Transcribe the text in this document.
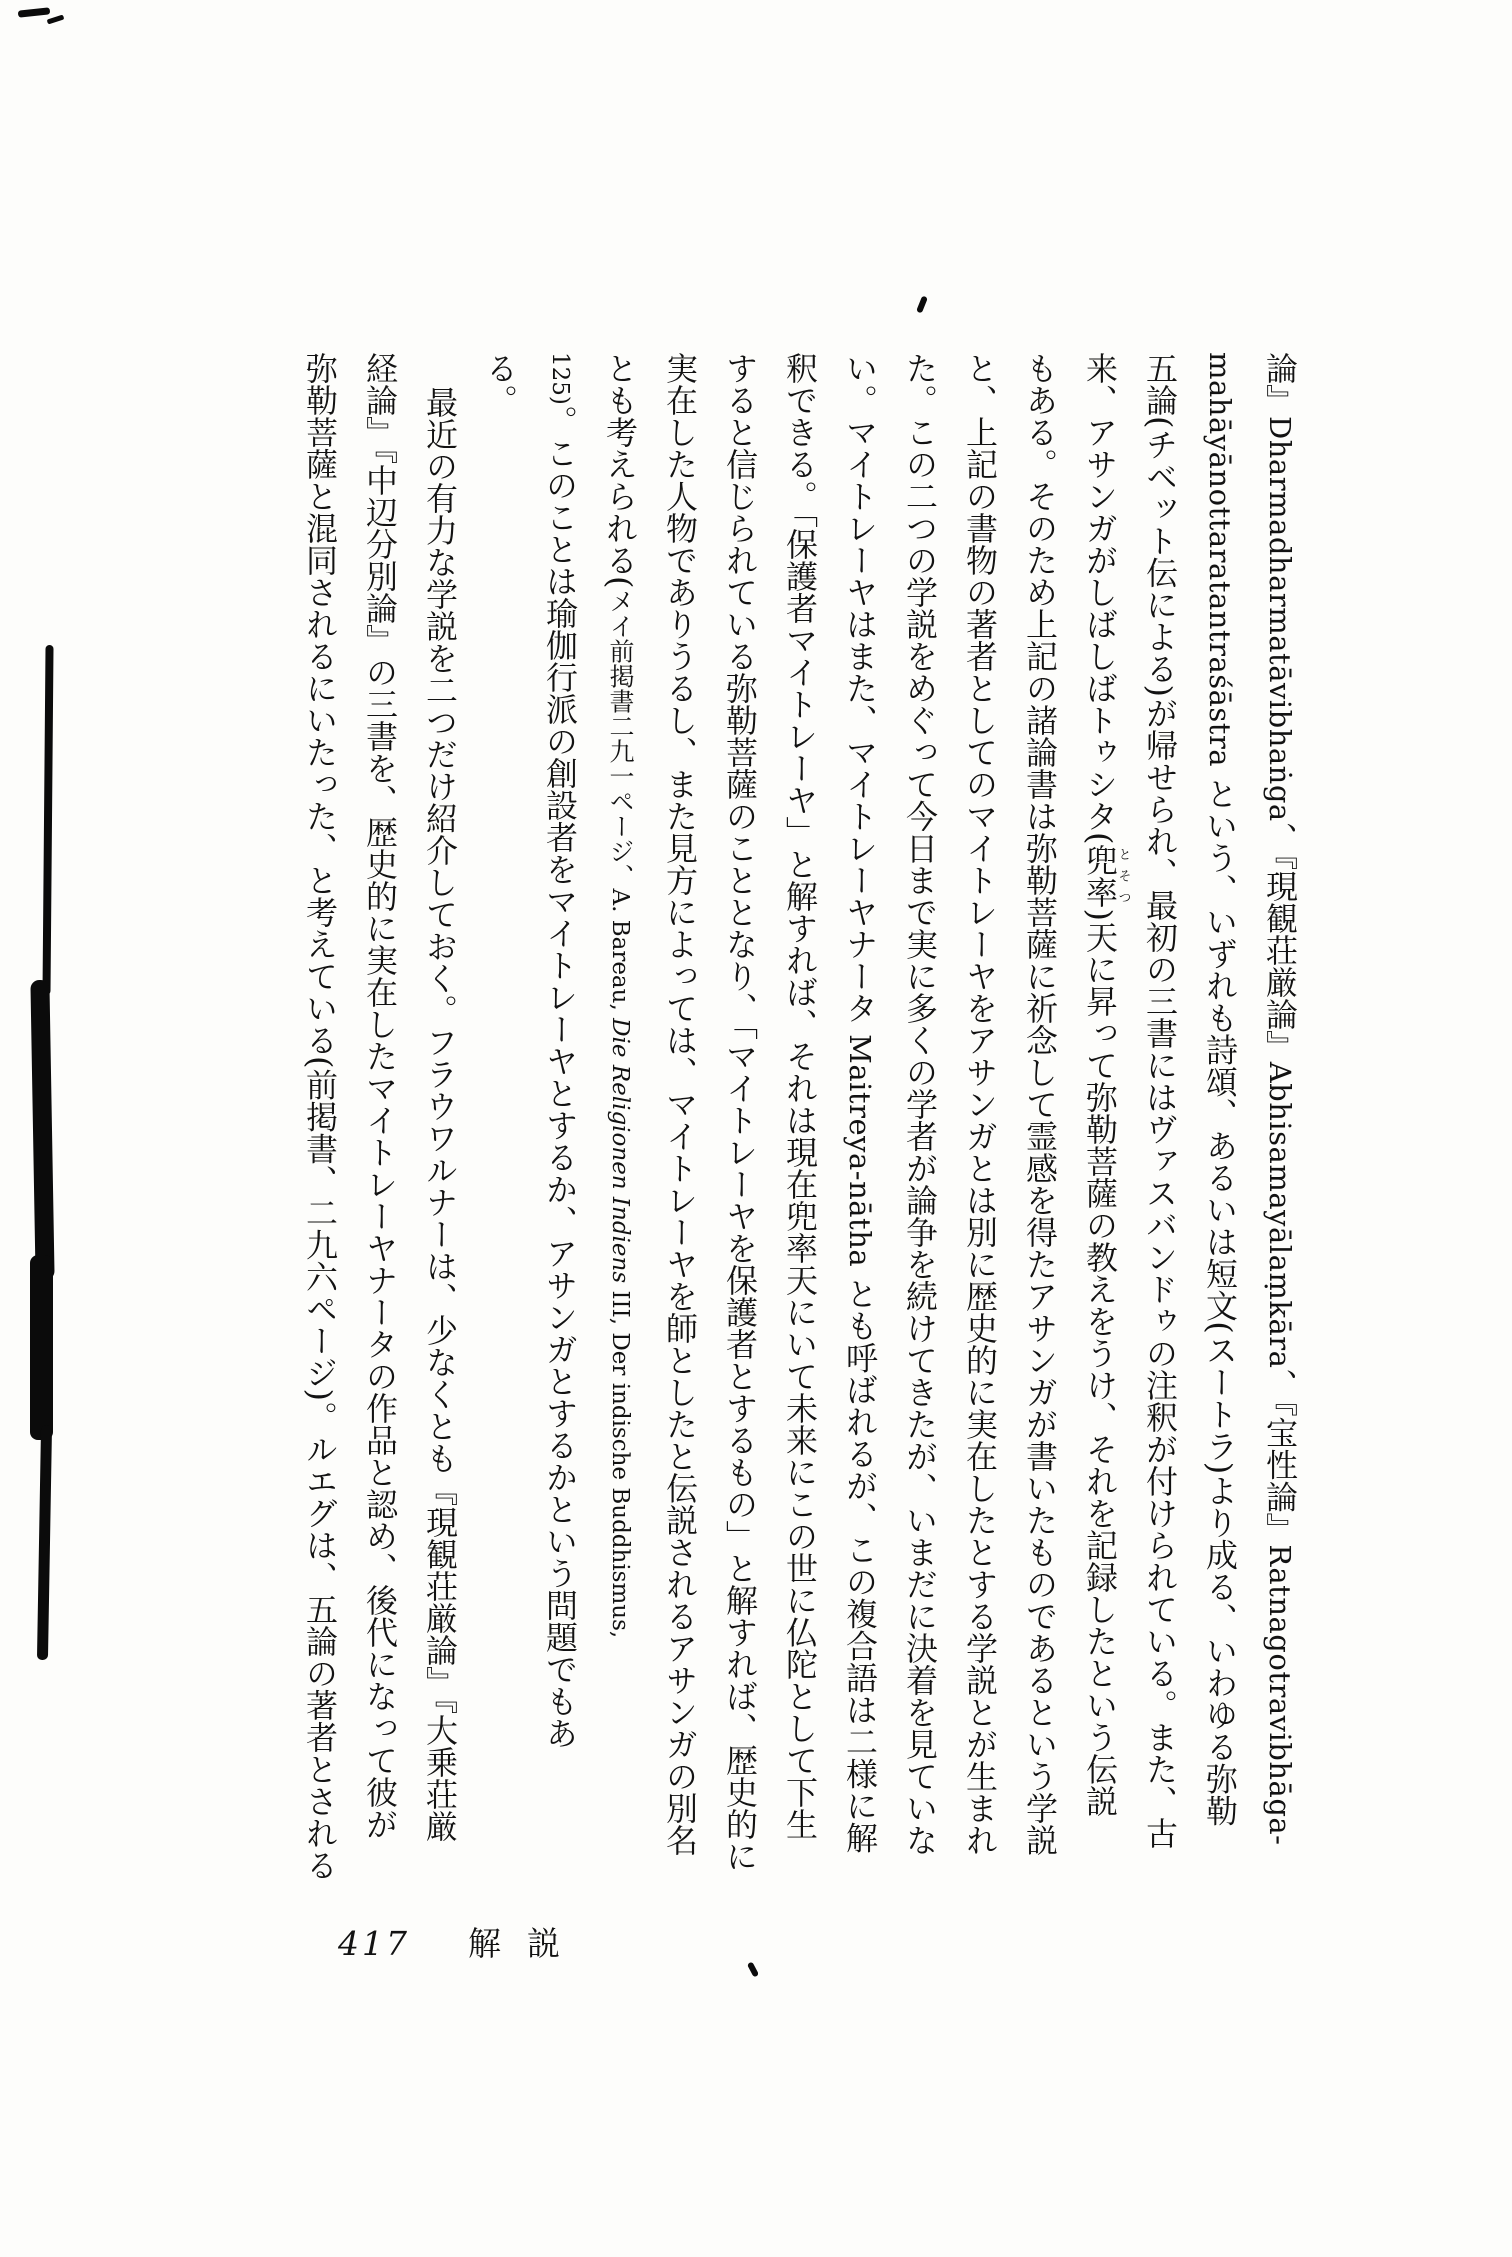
論』Dharmadharmatāvibhaṅga、『現観荘厳論』Abhisamayālaṃkāra、『宝性論』Ratnagotravibhāga-
mahāyānottaratantraśāstra という、いずれも詩頌、あるいは短文(スートラ)より成る、いわゆる弥勒
五論(チベット伝による)が帰せられ、最初の三書にはヴァスバンドゥの注釈が付けられている。また、古
来、アサンガがしばしばトゥシタ(兜率とそつ)天に昇って弥勒菩薩の教えをうけ、それを記録したという伝説
もある。そのため上記の諸論書は弥勒菩薩に祈念して霊感を得たアサンガが書いたものであるという学説
と、上記の書物の著者としてのマイトレーヤをアサンガとは別に歴史的に実在したとする学説とが生まれ
た。この二つの学説をめぐって今日まで実に多くの学者が論争を続けてきたが、いまだに決着を見ていな
い。マイトレーヤはまた、マイトレーヤナータ Maitreya-nātha とも呼ばれるが、この複合語は二様に解
釈できる。「保護者マイトレーヤ」と解すれば、それは現在兜率天にいて未来にこの世に仏陀として下生
すると信じられている弥勒菩薩のこととなり、「マイトレーヤを保護者とするもの」と解すれば、歴史的に
実在した人物でありうるし、また見方によっては、マイトレーヤを師としたと伝説されるアサンガの別名
とも考えられる(メイ前掲書二九一ページ、A. Bareau, Die Religionen Indiens III, Der indische Buddhismus,
125)。このことは瑜伽行派の創設者をマイトレーヤとするか、アサンガとするかという問題でもあ
る。
最近の有力な学説を二つだけ紹介しておく。フラウワルナーは、少なくとも『現観荘厳論』『大乗荘厳
経論』『中辺分別論』の三書を、歴史的に実在したマイトレーヤナータの作品と認め、後代になって彼が
弥勒菩薩と混同されるにいたった、と考えている(前掲書、二九六ページ)。ルエグは、五論の著者とされる
417 解説
